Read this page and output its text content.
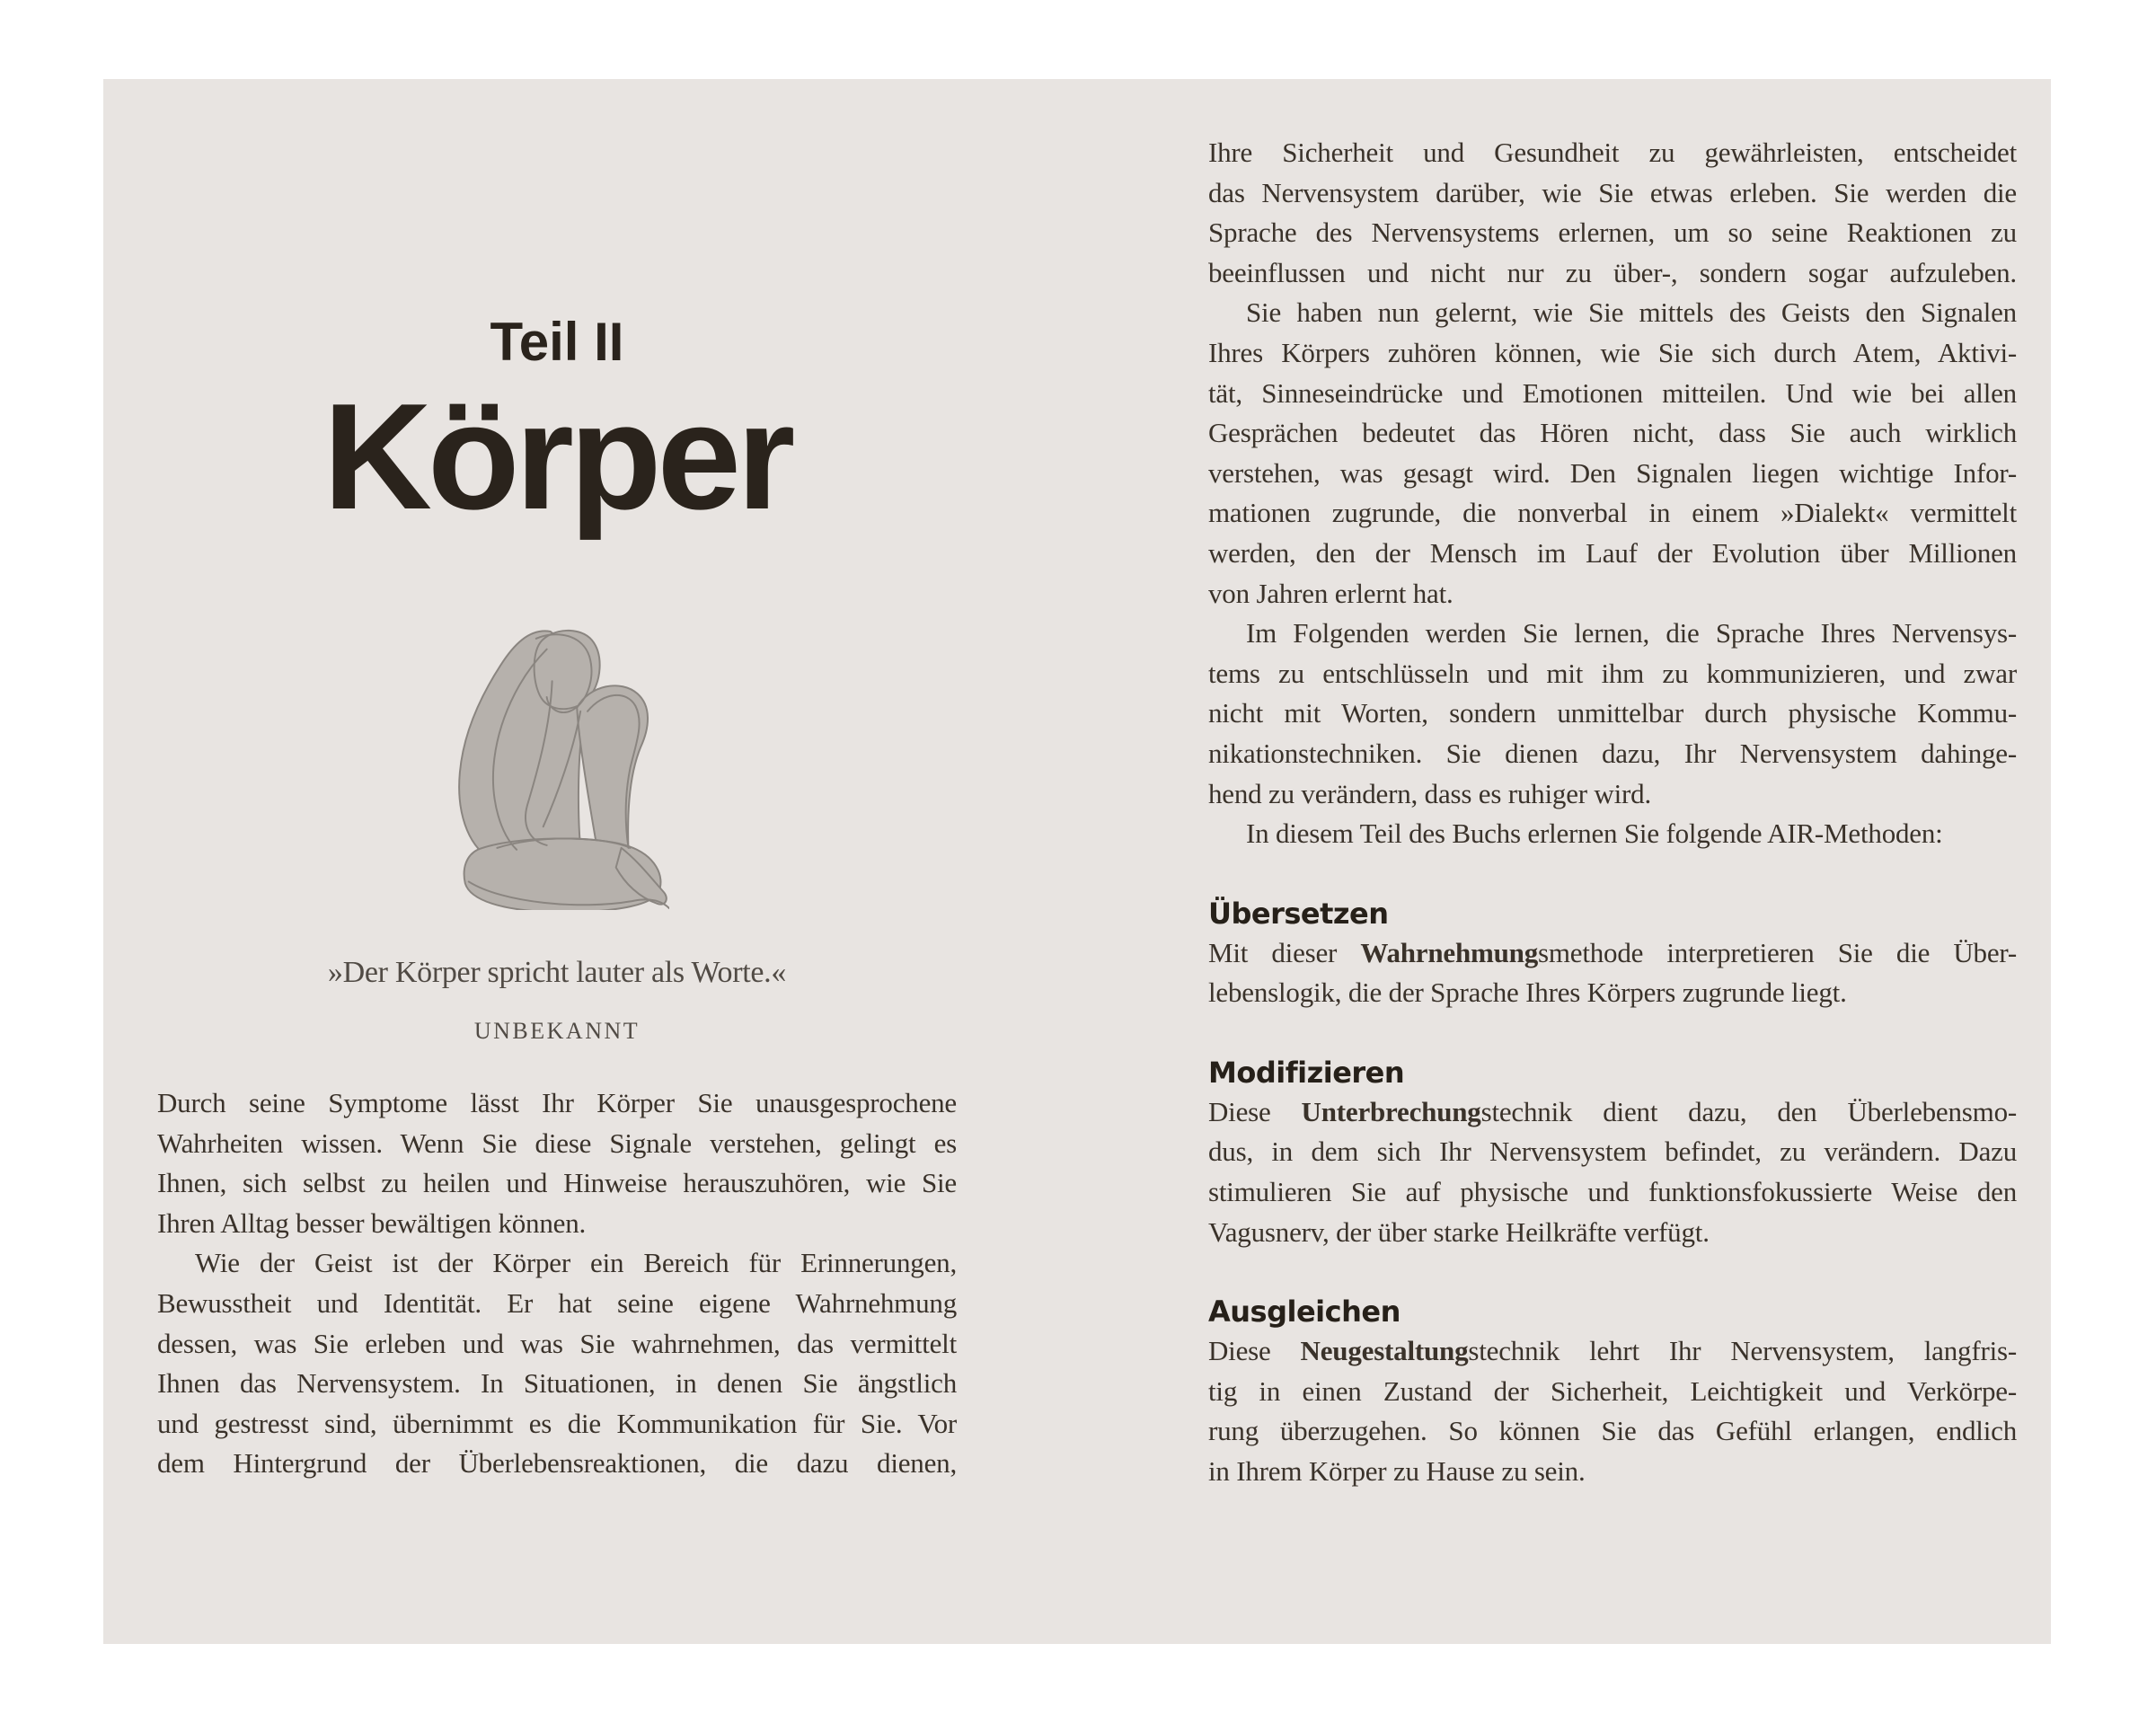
Teil II
Körper
»Der Körper spricht lauter als Worte.«
UNBEKANNT
Durch seine Symptome lässt Ihr Körper Sie unausgesprochene
Wahrheiten wissen. Wenn Sie diese Signale verstehen, gelingt es
Ihnen, sich selbst zu heilen und Hinweise herauszuhören, wie Sie
Ihren Alltag besser bewältigen können.
Wie der Geist ist der Körper ein Bereich für Erinnerungen,
Bewusstheit und Identität. Er hat seine eigene Wahrnehmung
dessen, was Sie erleben und was Sie wahrnehmen, das vermittelt
Ihnen das Nervensystem. In Situationen, in denen Sie ängstlich
und gestresst sind, übernimmt es die Kommunikation für Sie. Vor
dem Hintergrund der Überlebensreaktionen, die dazu dienen,
Ihre Sicherheit und Gesundheit zu gewährleisten, entscheidet
das Nervensystem darüber, wie Sie etwas erleben. Sie werden die
Sprache des Nervensystems erlernen, um so seine Reaktionen zu
beeinflussen und nicht nur zu über-, sondern sogar aufzuleben.
Sie haben nun gelernt, wie Sie mittels des Geists den Signalen
Ihres Körpers zuhören können, wie Sie sich durch Atem, Aktivi-
tät, Sinneseindrücke und Emotionen mitteilen. Und wie bei allen
Gesprächen bedeutet das Hören nicht, dass Sie auch wirklich
verstehen, was gesagt wird. Den Signalen liegen wichtige Infor-
mationen zugrunde, die nonverbal in einem »Dialekt« vermittelt
werden, den der Mensch im Lauf der Evolution über Millionen
von Jahren erlernt hat.
Im Folgenden werden Sie lernen, die Sprache Ihres Nervensys-
tems zu entschlüsseln und mit ihm zu kommunizieren, und zwar
nicht mit Worten, sondern unmittelbar durch physische Kommu-
nikationstechniken. Sie dienen dazu, Ihr Nervensystem dahinge-
hend zu verändern, dass es ruhiger wird.
In diesem Teil des Buchs erlernen Sie folgende AIR-Methoden:
Übersetzen
Mit dieser Wahrnehmungsmethode interpretieren Sie die Über-
lebenslogik, die der Sprache Ihres Körpers zugrunde liegt.
Modifizieren
Diese Unterbrechungstechnik dient dazu, den Überlebensmo-
dus, in dem sich Ihr Nervensystem befindet, zu verändern. Dazu
stimulieren Sie auf physische und funktionsfokussierte Weise den
Vagusnerv, der über starke Heilkräfte verfügt.
Ausgleichen
Diese Neugestaltungstechnik lehrt Ihr Nervensystem, langfris-
tig in einen Zustand der Sicherheit, Leichtigkeit und Verkörpe-
rung überzugehen. So können Sie das Gefühl erlangen, endlich
in Ihrem Körper zu Hause zu sein.
